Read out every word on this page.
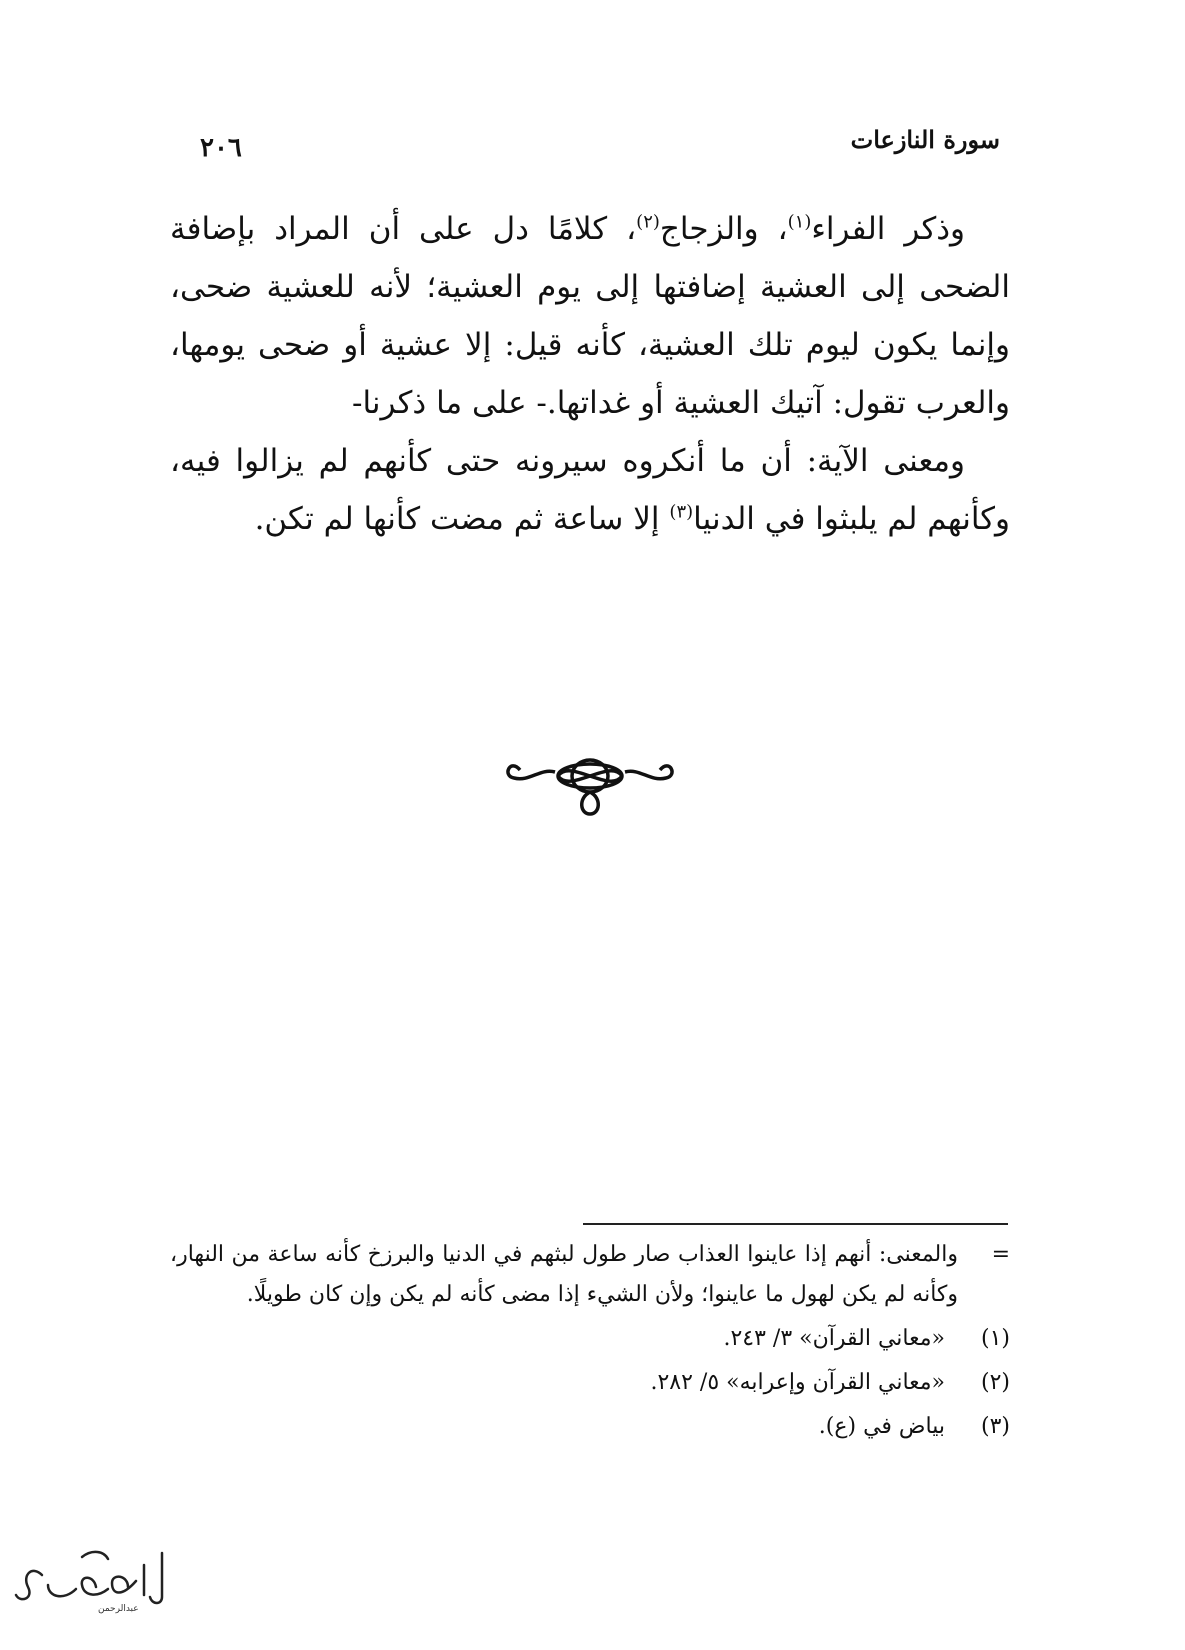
سورة النازعات
٢٠٦

وذكر الفراء$^{(١)}$، والزجاج$^{(٢)}$، كلامًا دل على أن المراد بإضافة الضحى إلى العشية إضافتها إلى يوم العشية؛ لأنه للعشية ضحى، وإنما يكون ليوم تلك العشية، كأنه قيل: إلا عشية أو ضحى يومها، والعرب تقول: آتيك العشية أو غداتها.- على ما ذكرنا-

ومعنى الآية: أن ما أنكروه سيرونه حتى كأنهم لم يزالوا فيه، وكأنهم لم يلبثوا في الدنيا$^{(٣)}$ إلا ساعة ثم مضت كأنها لم تكن.

=
والمعنى: أنهم إذا عاينوا العذاب صار طول لبثهم في الدنيا والبرزخ كأنه ساعة من النهار، وكأنه لم يكن لهول ما عاينوا؛ ولأن الشيء إذا مضى كأنه لم يكن وإن كان طويلًا.
(١)
«معاني القرآن» ٣/ ٢٤٣.
(٢)
«معاني القرآن وإعرابه» ٥/ ٢٨٢.
(٣)
بياض في (ع).
عبدالرحمن
